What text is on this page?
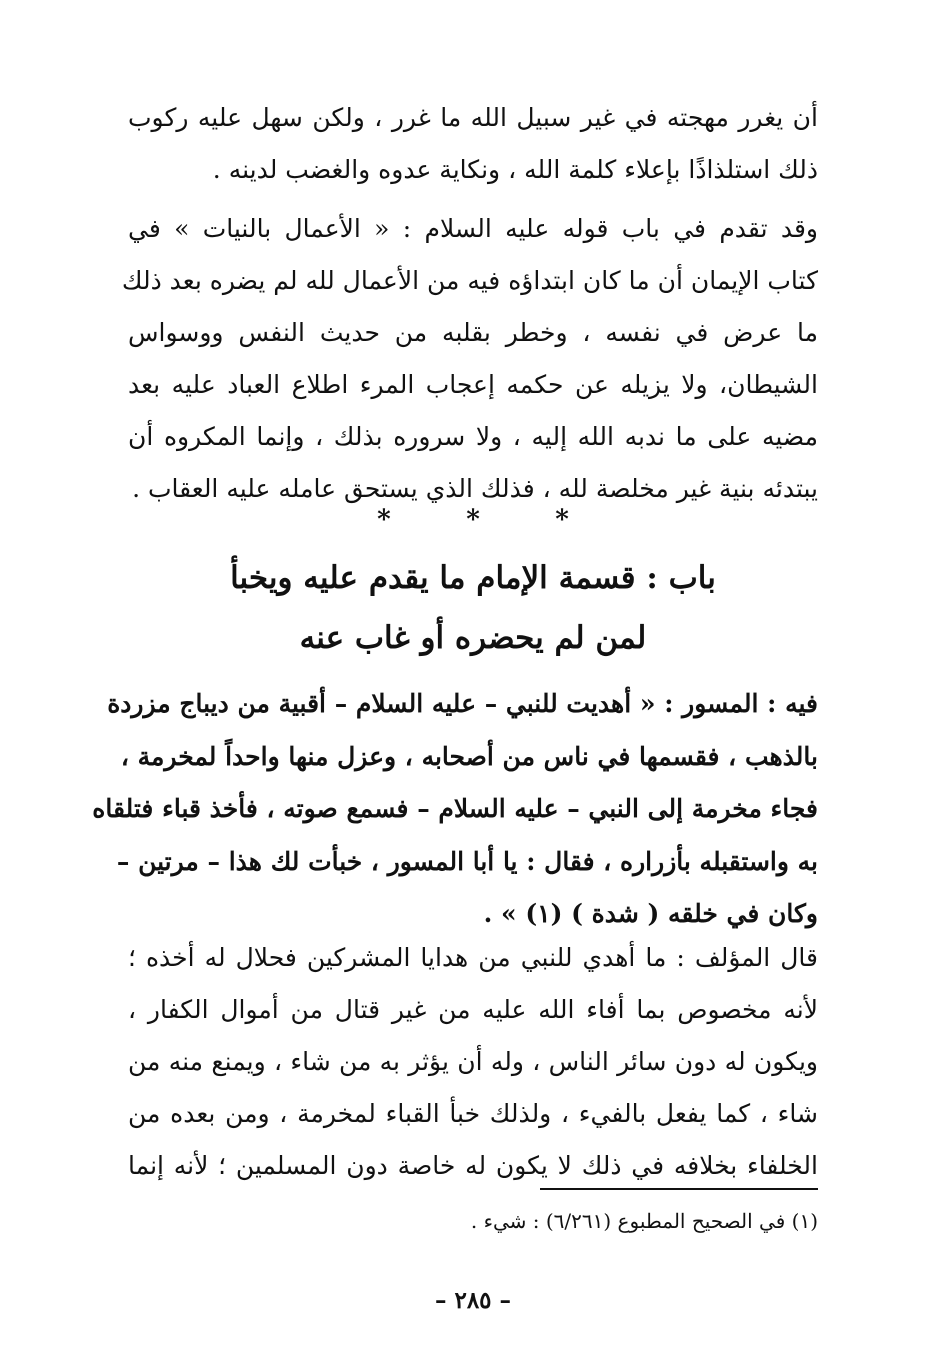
أن يغرر مهجته في غير سبيل الله ما غرر ، ولكن سهل عليه ركوب
ذلك استلذاذًا بإعلاء كلمة الله ، ونكاية عدوه والغضب لدينه .
وقد تقدم في باب قوله عليه السلام : « الأعمال بالنيات » في
كتاب الإيمان أن ما كان ابتداؤه فيه من الأعمال لله لم يضره بعد ذلك
ما عرض في نفسه ، وخطر بقلبه من حديث النفس ووسواس
الشيطان، ولا يزيله عن حكمه إعجاب المرء اطلاع العباد عليه بعد
مضيه على ما ندبه الله إليه ، ولا سروره بذلك ، وإنما المكروه أن
يبتدئه بنية غير مخلصة لله ، فذلك الذي يستحق عامله عليه العقاب .
*	*	*
باب : قسمة الإمام ما يقدم عليه ويخبأ
لمن لم يحضره أو غاب عنه
فيه : المسور : « أهديت للنبي – عليه السلام – أقبية من ديباج مزردة
بالذهب ، فقسمها في ناس من أصحابه ، وعزل منها واحداً لمخرمة ،
فجاء مخرمة إلى النبي – عليه السلام – فسمع صوته ، فأخذ قباء فتلقاه
به واستقبله بأزراره ، فقال : يا أبا المسور ، خبأت لك هذا – مرتين –
وكان في خلقه ( شدة ) (١) » .
قال المؤلف : ما أهدي للنبي من هدايا المشركين فحلال له أخذه ؛
لأنه مخصوص بما أفاء الله عليه من غير قتال من أموال الكفار ،
ويكون له دون سائر الناس ، وله أن يؤثر به من شاء ، ويمنع منه من
شاء ، كما يفعل بالفيء ، ولذلك خبأ القباء لمخرمة ، ومن بعده من
الخلفاء بخلافه في ذلك لا يكون له خاصة دون المسلمين ؛ لأنه إنما
(١) في الصحيح المطبوع (٦/٢٦١) : شيء .
– ٢٨٥ –
